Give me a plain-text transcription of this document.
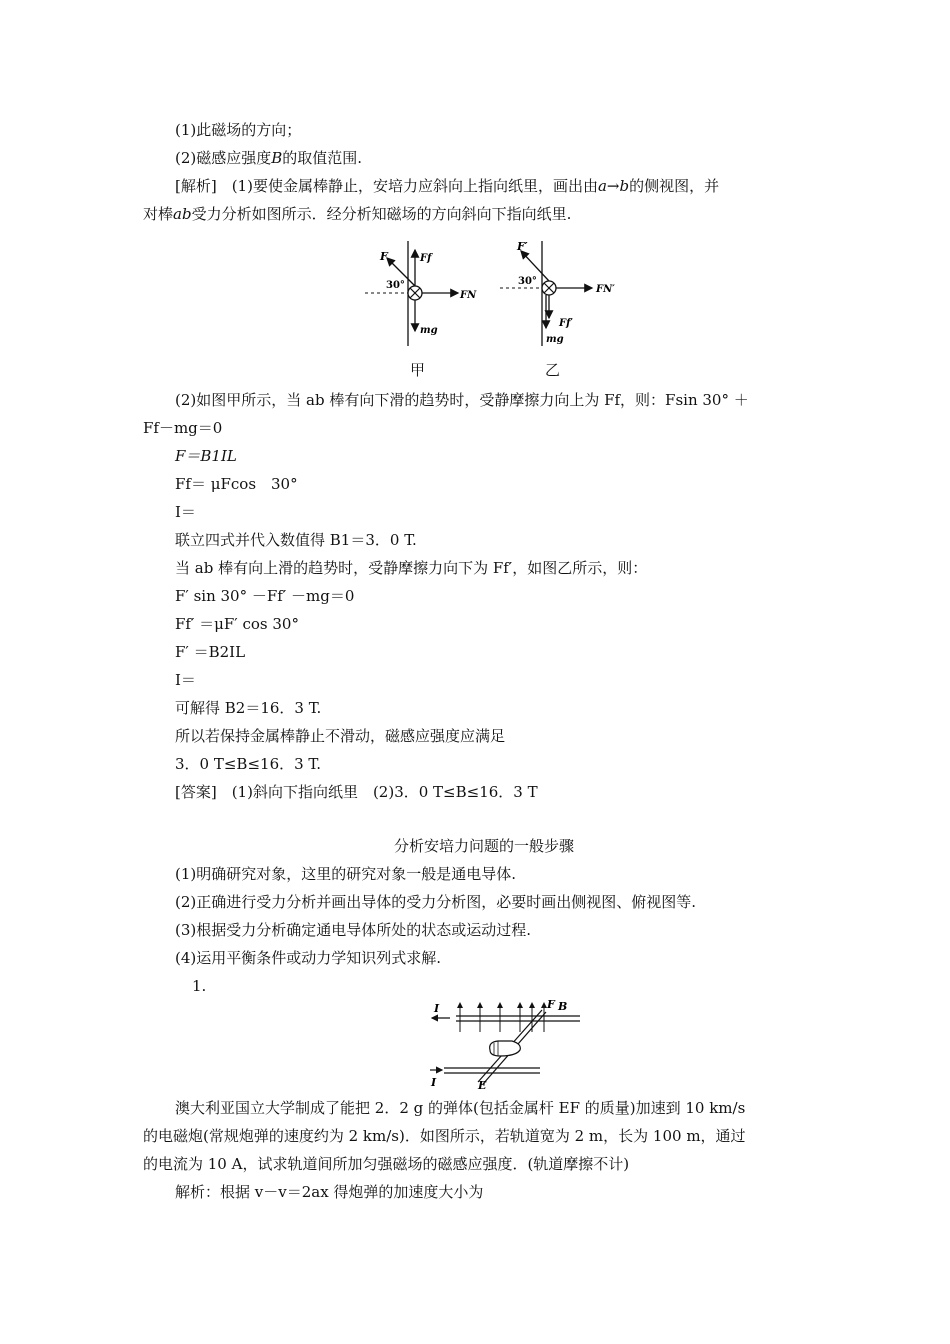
(1)此磁场的方向；
(2)磁感应强度B的取值范围.
[解析]　(1)要使金属棒静止，安培力应斜向上指向纸里，画出由a→b的侧视图，并
对棒ab受力分析如图所示．经分析知磁场的方向斜向下指向纸里.
F	Ff
30°
FN
mg
F′
30°
FN′
Ff′
mg
甲	乙
(2)如图甲所示，当 ab 棒有向下滑的趋势时，受静摩擦力向上为 Ff，则：Fsin 30° ＋
Ff－mg＝0
F＝B1IL
Ff＝ μFcos　30°
I＝
联立四式并代入数值得 B1＝3．0 T.
当 ab 棒有向上滑的趋势时，受静摩擦力向下为 Ff′，如图乙所示，则：
F′ sin 30° －Ff′ －mg＝0
Ff′ ＝μF′ cos 30°
F′ ＝B2IL
I＝
可解得 B2＝16．3 T.
所以若保持金属棒静止不滑动，磁感应强度应满足
3．0 T≤B≤16．3 T.
[答案]　(1)斜向下指向纸里　(2)3．0 T≤B≤16．3 T
分析安培力问题的一般步骤
(1)明确研究对象，这里的研究对象一般是通电导体.
(2)正确进行受力分析并画出导体的受力分析图，必要时画出侧视图、俯视图等.
(3)根据受力分析确定通电导体所处的状态或运动过程.
(4)运用平衡条件或动力学知识列式求解.
1.
I	F B
I	E
澳大利亚国立大学制成了能把 2．2 g 的弹体(包括金属杆 EF 的质量)加速到 10 km/s
的电磁炮(常规炮弹的速度约为 2 km/s)．如图所示，若轨道宽为 2 m，长为 100 m，通过
的电流为 10 A，试求轨道间所加匀强磁场的磁感应强度．(轨道摩擦不计)
解析：根据 v－v＝2ax 得炮弹的加速度大小为
